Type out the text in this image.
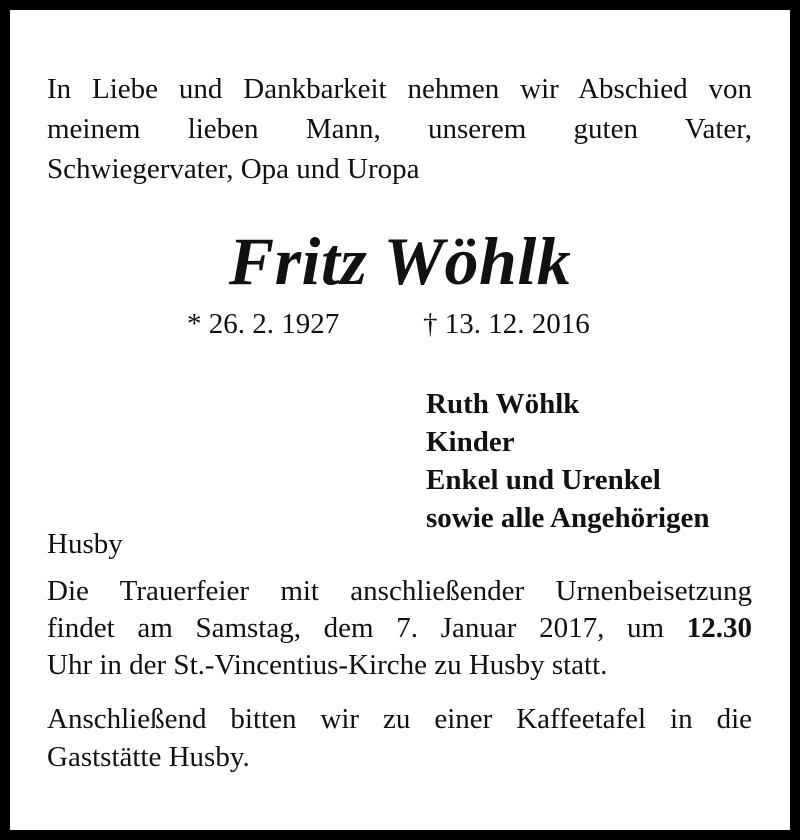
In Liebe und Dankbarkeit nehmen wir Abschied von
meinem lieben Mann, unserem guten Vater,
Schwiegervater, Opa und Uropa
Fritz Wöhlk
* 26. 2. 1927	† 13. 12. 2016
Ruth Wöhlk
Kinder
Enkel und Urenkel
sowie alle Angehörigen
Husby
Die Trauerfeier mit anschließender Urnenbeisetzung
findet am Samstag, dem 7. Januar 2017, um 12.30
Uhr in der St.-Vincentius-Kirche zu Husby statt.
Anschließend bitten wir zu einer Kaffeetafel in die
Gaststätte Husby.
